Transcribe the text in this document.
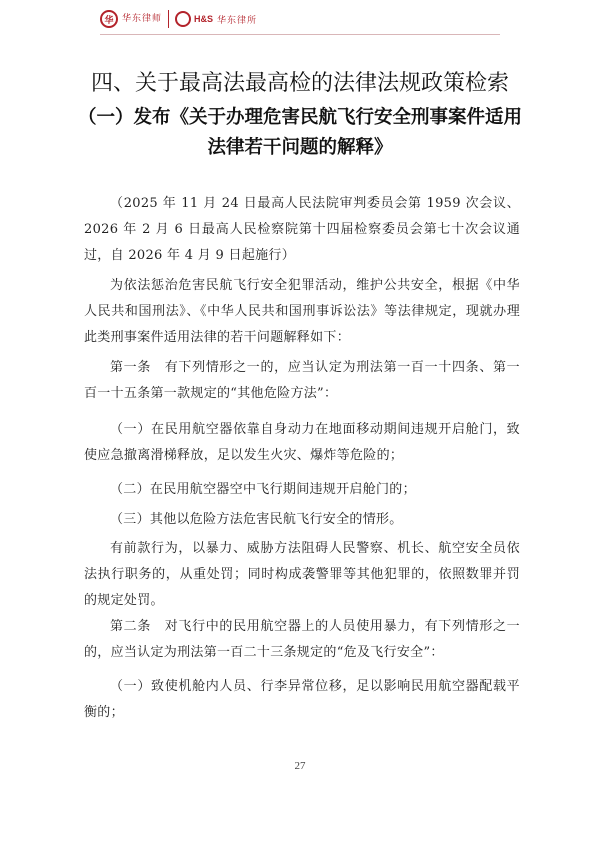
华 华东律师	H&S 华东律所
四、关于最高法最高检的法律法规政策检索
（一）发布《关于办理危害民航飞行安全刑事案件适用
法律若干问题的解释》

（2025 年 11 月 24 日最高人民法院审判委员会第 1959 次会议、2026 年 2 月 6 日最高人民检察院第十四届检察委员会第七十次会议通过，自 2026 年 4 月 9 日起施行）

为依法惩治危害民航飞行安全犯罪活动，维护公共安全，根据《中华人民共和国刑法》、《中华人民共和国刑事诉讼法》等法律规定，现就办理此类刑事案件适用法律的若干问题解释如下：

第一条　有下列情形之一的，应当认定为刑法第一百一十四条、第一百一十五条第一款规定的“其他危险方法”：

（一）在民用航空器依靠自身动力在地面移动期间违规开启舱门，致使应急撤离滑梯释放，足以发生火灾、爆炸等危险的；

（二）在民用航空器空中飞行期间违规开启舱门的；

（三）其他以危险方法危害民航飞行安全的情形。

有前款行为，以暴力、威胁方法阻碍人民警察、机长、航空安全员依法执行职务的，从重处罚；同时构成袭警罪等其他犯罪的，依照数罪并罚的规定处罚。

第二条　对飞行中的民用航空器上的人员使用暴力，有下列情形之一的，应当认定为刑法第一百二十三条规定的“危及飞行安全”：

（一）致使机舱内人员、行李异常位移，足以影响民用航空器配载平衡的；

27
